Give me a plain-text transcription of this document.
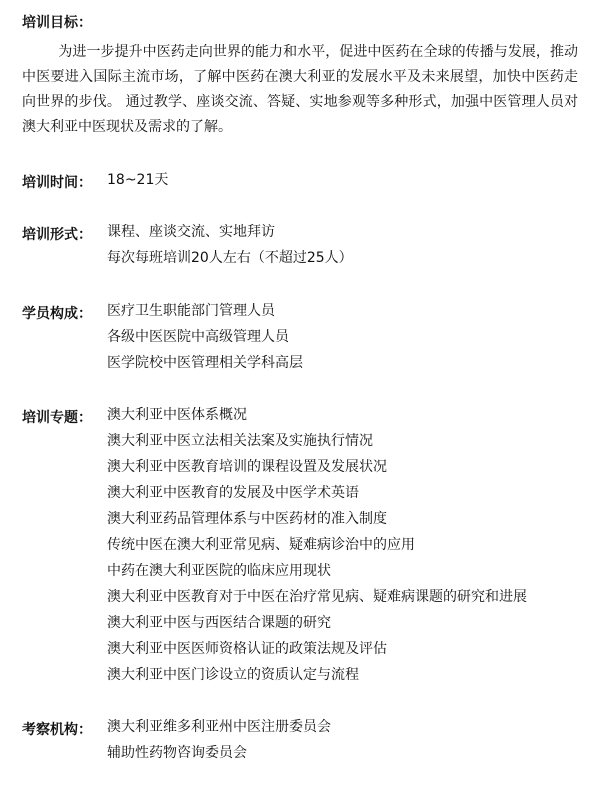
培训目标：
为进一步提升中医药走向世界的能力和水平，促进中医药在全球的传播与发展，推动中医要进入国际主流市场，了解中医药在澳大利亚的发展水平及未来展望，加快中医药走向世界的步伐。 通过教学、座谈交流、答疑、实地参观等多种形式，加强中医管理人员对澳大利亚中医现状及需求的了解。
培训时间： 18~21天
培训形式： 课程、座谈交流、实地拜访
每次每班培训20人左右（不超过25人）
学员构成： 医疗卫生职能部门管理人员
各级中医医院中高级管理人员
医学院校中医管理相关学科高层
培训专题： 澳大利亚中医体系概况
澳大利亚中医立法相关法案及实施执行情况
澳大利亚中医教育培训的课程设置及发展状况
澳大利亚中医教育的发展及中医学术英语
澳大利亚药品管理体系与中医药材的准入制度
传统中医在澳大利亚常见病、疑难病诊治中的应用
中药在澳大利亚医院的临床应用现状
澳大利亚中医教育对于中医在治疗常见病、疑难病课题的研究和进展
澳大利亚中医与西医结合课题的研究
澳大利亚中医医师资格认证的政策法规及评估
澳大利亚中医门诊设立的资质认定与流程
考察机构： 澳大利亚维多利亚州中医注册委员会
辅助性药物咨询委员会
